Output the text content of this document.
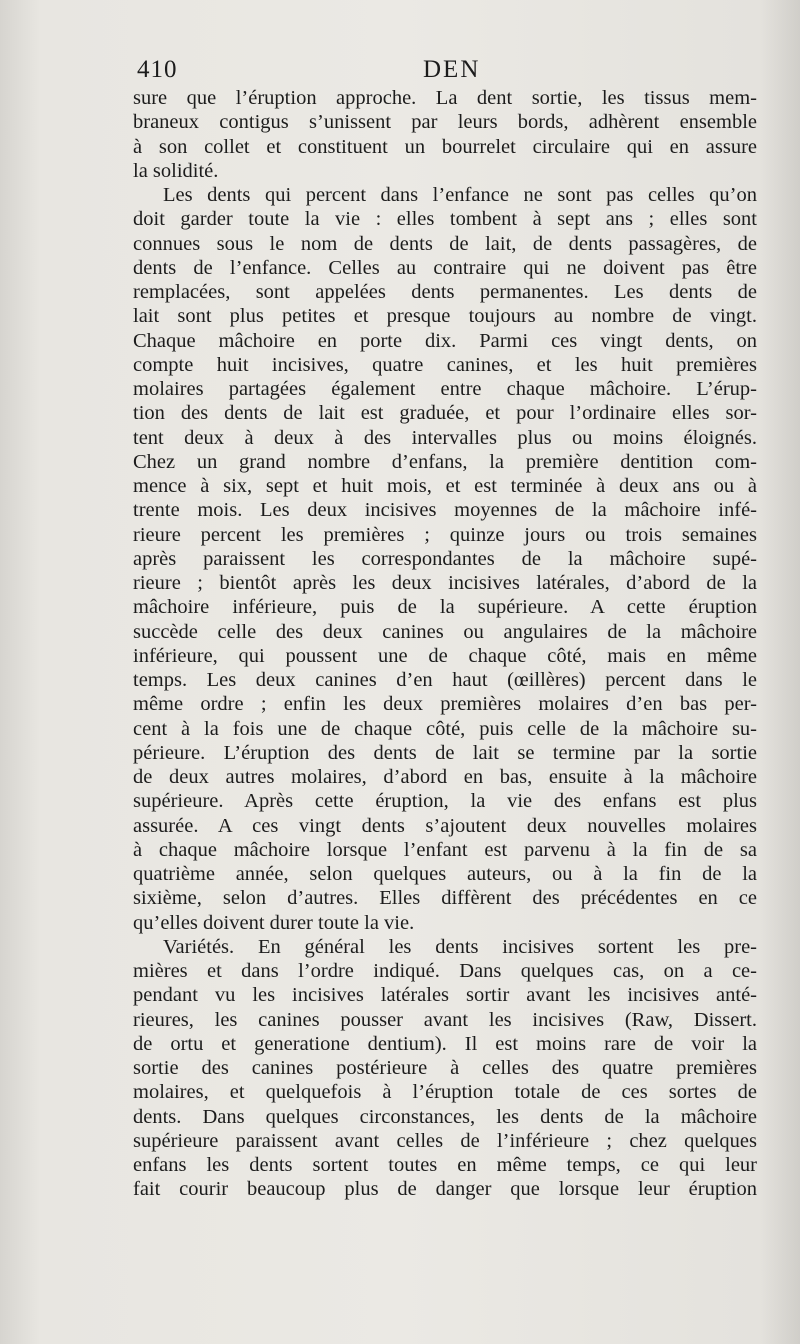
410	DEN
sure que l’éruption approche. La dent sortie, les tissus mem-
braneux contigus s’unissent par leurs bords, adhèrent ensemble
à son collet et constituent un bourrelet circulaire qui en assure
la solidité.
Les dents qui percent dans l’enfance ne sont pas celles qu’on
doit garder toute la vie : elles tombent à sept ans ; elles sont
connues sous le nom de dents de lait, de dents passagères, de
dents de l’enfance. Celles au contraire qui ne doivent pas être
remplacées, sont appelées dents permanentes. Les dents de
lait sont plus petites et presque toujours au nombre de vingt.
Chaque mâchoire en porte dix. Parmi ces vingt dents, on
compte huit incisives, quatre canines, et les huit premières
molaires partagées également entre chaque mâchoire. L’érup-
tion des dents de lait est graduée, et pour l’ordinaire elles sor-
tent deux à deux à des intervalles plus ou moins éloignés.
Chez un grand nombre d’enfans, la première dentition com-
mence à six, sept et huit mois, et est terminée à deux ans ou à
trente mois. Les deux incisives moyennes de la mâchoire infé-
rieure percent les premières ; quinze jours ou trois semaines
après paraissent les correspondantes de la mâchoire supé-
rieure ; bientôt après les deux incisives latérales, d’abord de la
mâchoire inférieure, puis de la supérieure. A cette éruption
succède celle des deux canines ou angulaires de la mâchoire
inférieure, qui poussent une de chaque côté, mais en même
temps. Les deux canines d’en haut (œillères) percent dans le
même ordre ; enfin les deux premières molaires d’en bas per-
cent à la fois une de chaque côté, puis celle de la mâchoire su-
périeure. L’éruption des dents de lait se termine par la sortie
de deux autres molaires, d’abord en bas, ensuite à la mâchoire
supérieure. Après cette éruption, la vie des enfans est plus
assurée. A ces vingt dents s’ajoutent deux nouvelles molaires
à chaque mâchoire lorsque l’enfant est parvenu à la fin de sa
quatrième année, selon quelques auteurs, ou à la fin de la
sixième, selon d’autres. Elles diffèrent des précédentes en ce
qu’elles doivent durer toute la vie.
Variétés. En général les dents incisives sortent les pre-
mières et dans l’ordre indiqué. Dans quelques cas, on a ce-
pendant vu les incisives latérales sortir avant les incisives anté-
rieures, les canines pousser avant les incisives (Raw, Dissert.
de ortu et generatione dentium). Il est moins rare de voir la
sortie des canines postérieure à celles des quatre premières
molaires, et quelquefois à l’éruption totale de ces sortes de
dents. Dans quelques circonstances, les dents de la mâchoire
supérieure paraissent avant celles de l’inférieure ; chez quelques
enfans les dents sortent toutes en même temps, ce qui leur
fait courir beaucoup plus de danger que lorsque leur éruption
